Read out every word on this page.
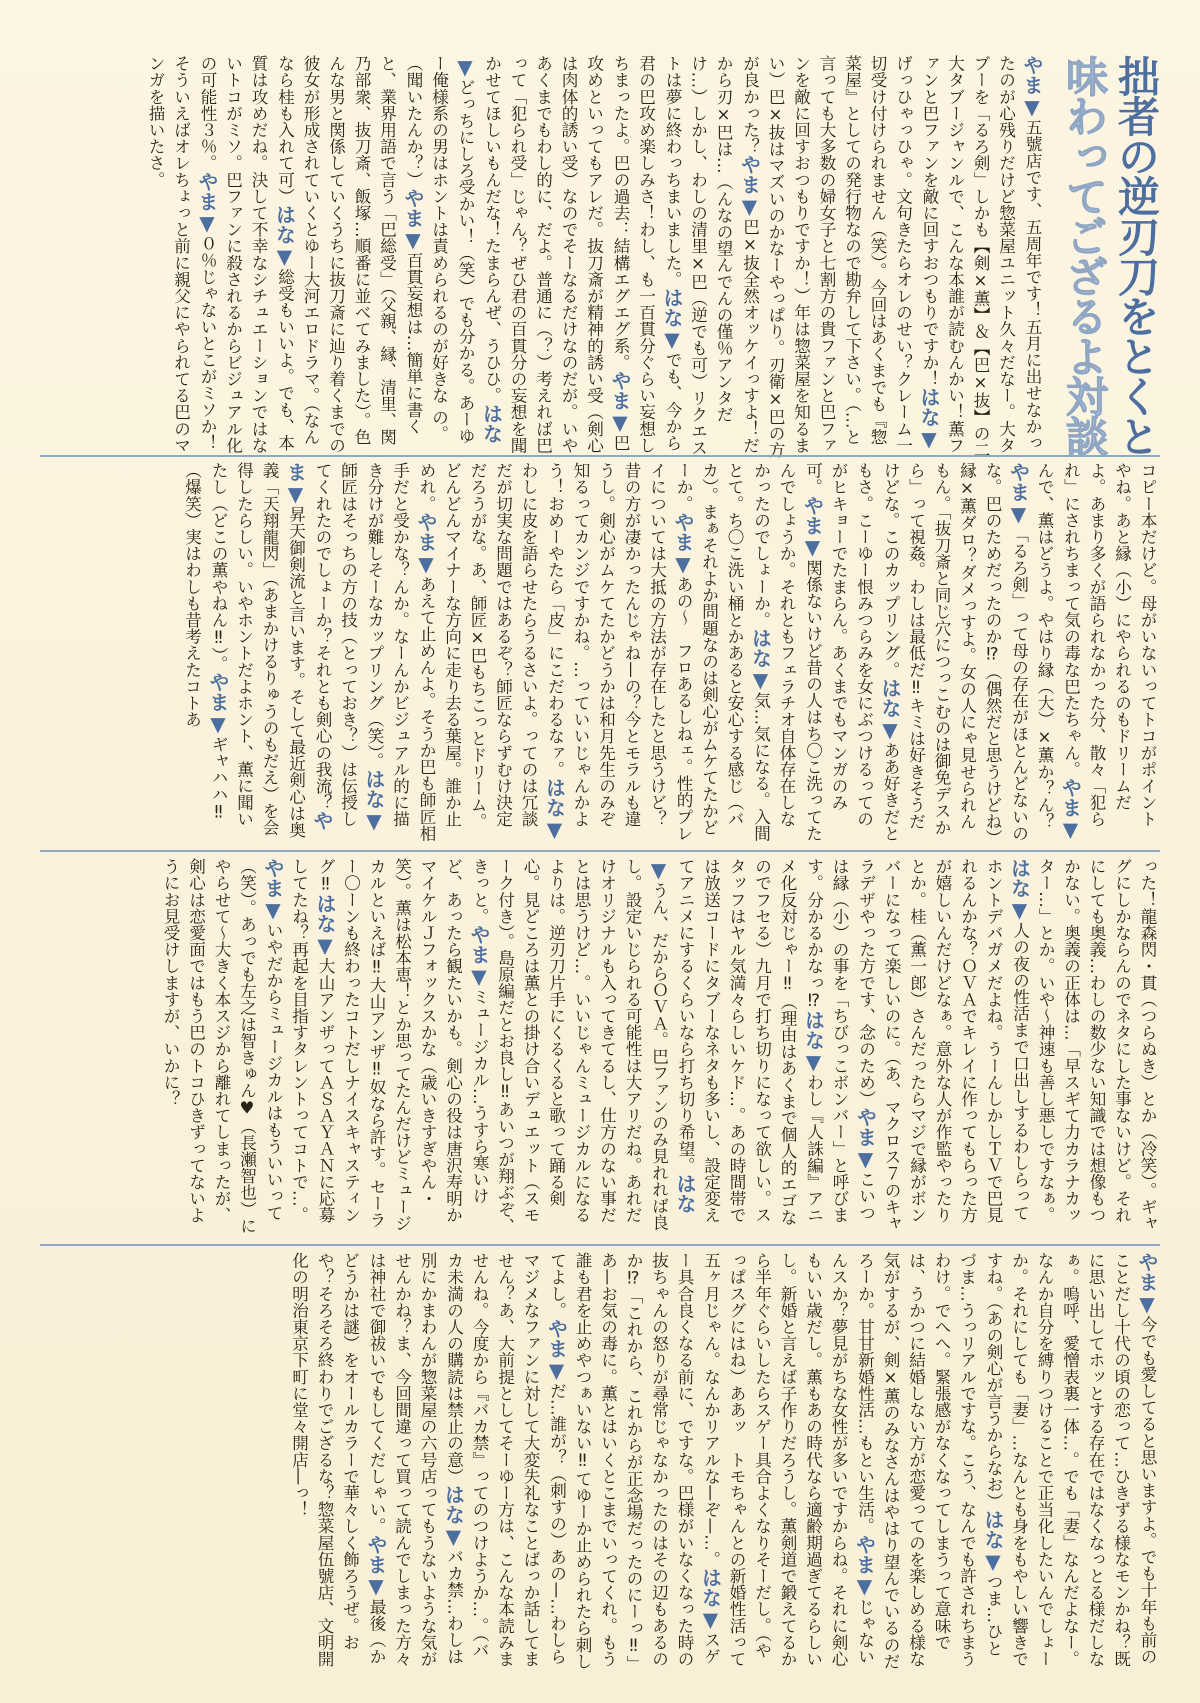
拙者の逆刃刀をとくと
味わってござるよ対談
やま▼五號店です、五周年です！五月に出せなかったのが心残りだけど惣菜屋ユニット久々だなー。大タブーを「るろ剣」しかも【剣×薫】＆【巴×抜】の二大タブージャンルで、こんな本誰が読むんかい！薫ファンと巴ファンを敵に回すおつもりですか！はな▼げっひゃっひゃ。文句きたらオレのせい？クレーム一切受け付けられません（笑）。今回はあくまでも『惣菜屋』としての発行物なので勘弁して下さい。（…と言っても大多数の婦女子と七割方の貴ファンと巴ファンを敵に回すおつもりですか！）年は惣菜屋を知るまい）巴×抜はマズいのかなーやっぱり。刃衛×巴の方が良かった？やま▼巴×抜全然オッケイっすよ！だから刃×巴は…（んなの望んでんの僅％アンタだけ…）しかし、わしの清里×巴（逆でも可）リクエストは夢に終わっちまいました。はな▼でも、今から君の巴攻め楽しみさ！わし、も一百貫分ぐらい妄想しちまったよ。巴の過去：結構エグエグ系。やま▼巴攻めといってもアレだ。抜刀斎が精神的誘い受（剣心は肉体的誘い受）なのでそーなるだけなのだが。いやあくまでもわし的に、だよ。普通に（？）考えれば巴って「犯られ受」じゃん？ぜひ君の百貫分の妄想を聞かせてほしいもんだな！たまらんぜ、うひひ。はな▼どっちにしろ受かい！（笑）でも分かる。あーゆー俺様系の男はホントは責められるのが好きな の。（聞いたんか？）やま▼百貫妄想は…簡単に書くと、業界用語で言う「巴総受」（父親、縁、清里、関乃部衆、抜刀斎、飯塚…順番に並べてみました）。色んな男と関係していくうちに抜刀斎に辿り着くまでの彼女が形成されていくとゆー大河エロドラマ。（なんなら桂も入れて可）はな▼総受もいいよ。でも、本質は攻めだね。決して不幸なシチュエーションではないトコがミソ。巴ファンに殺されるからビジュアル化の可能性３％。やま▼０％じゃないとこがミソか！そういえばオレちょっと前に親父にやられてる巴のマンガを描いたさ。
コピー本だけど。母がいないってトコがポイントやね。あと縁（小）にやられるのもドリームだよ。あまり多くが語られなかった分、散々「犯られ」にされちまって気の毒な巴たちゃん。やま▼んで、薫はどうよ。やはり縁（大）×薫か？ん？やま▼「るろ剣」って母の存在がほとんどないのな。巴のためだったのか⁉（偶然だと思うけどね）縁×薫ダロ？ダメっすよ。女の人にゃ見せられんもん。「抜刀斎と同じ穴につっこむのは御免デスから」って視姦。わしは最低だ‼キミは好きそうだけどな。このカップリング。はな▼ああ好きだともさ。こーゆー恨みつらみを女にぶつけるってのがヒキョーでたまらん。あくまでもマンガのみ可。やま▼関係ないけど昔の人はち〇こ洗ってたんでしょうか。それともフェラチオ自体存在しなかったのでしょーか。はな▼気…気になる。入間とて。ち〇こ洗い桶とかあると安心する感じ（バカ）。まぁそれよか問題なのは剣心がムケてたかどーか。やま▼あの〜　フロあるしねェ。性的プレイについては大抵の方法が存在したと思うけど？昔の方が凄かったんじゃね—の？今とモラルも違うし。剣心がムケてたかどうかは和月先生のみぞ知るってカンジですかね。…っていいじゃんかよう！おめーやたら「皮」にこだわるなァ。はな▼わしに皮を語らせたらうるさいよ。ってのは冗談だが切実な問題ではあるぞ？師匠ならずむけ決定だろうがな。あ、師匠×巴もちこっとドリーム。どんどんマイナーな方向に走り去る葉屋。誰か止めれ。やま▼あえて止めんよ。そうか巴も師匠相手だと受かな？んか。なーんかビジュアル的に描き分けが難しそーなカップリング（笑）。はな▼師匠はそっちの方の技（とっておき？）は伝授してくれたのでしょーか？それとも剣心の我流？やま▼昇天御剣流と言います。そして最近剣心は奥義「天翔龍閃」（あまかけるりゅうのもだえ）を会得したらしい。いやホントだよホント、薫に聞いたし（どこの薫やねん‼）。やま▼ギャハハ‼（爆笑）実はわしも昔考えたコトあ
った！龍森閃・貫（つらぬき）とか（冷笑）。ギャグにしかならんのでネタにした事ないけど。それにしても奥義…わしの数少ない知識では想像もつかない。奥義の正体は…「早スギて力カラナカッター…」とか。いや〜神速も善し悪しですなぁ。はな▼人の夜の性活まで口出しするわしらってホントデバガメだよね。うーんしかしＴＶで巴見れるんかな？ＯＶＡでキレイに作ってもらった方が嬉しいんだけどなぁ。意外な人が作監やったりとか。桂（薫一郎）さんだったらマジで縁がボンバーになって楽しいのに。（あ、マクロス７のキャラデザやった方です、念のため）やま▼こいつは縁（小）の事を「ちびっこボンバー」と呼びます。分かるかなっ⁉はな▼わし『人誅編』アニメ化反対じゃー‼（理由はあくまで個人的エゴなのでフセる）九月で打ち切りになって欲しい。スタッフはヤル気満々らしいケド…。あの時間帯では放送コードにタブーなネタも多いし、設定変えてアニメにするくらいなら打ち切り希望。はな▼うん、だからＯＶＡ。巴ファンのみ見れれば良し。設定いじられる可能性は大アリだね。あれだけオリジナルも入ってきてるし、仕方のない事だとは思うけど…。いいじゃんミュージカルになるよりは。逆刃刀片手にくるくると歌って踊る剣心。見どころは薫との掛け合いデュエット（スモーク付き）。島原編だとお良し‼あいつが翔ぶぞ、きっと。やま▼ミュージカル…うすら寒いけど、あったら観たいかも。剣心の役は唐沢寿明かマイケルＪフォックスかな（歳いきすぎやん・笑）。薫は松本恵！とか思ってたんだけどミュージカルといえば‼大山アンザ‼奴なら許す。セーラー〇ーンも終わったコトだしナイスキャスティング‼はな▼大山アンザってＡＳＡＹＡＮに応募してたね？再起を目指すタレントってコトで…。やま▼いやだからミュージカルはもういいって（笑）。あっでも左之は智きゅん♥（長瀬智也）にやらせて〜大きく本スジから離れてしまったが、剣心は恋愛面ではもう巴のトコひきずってないようにお見受けしますが、いかに？
やま▼今でも愛してると思いますよ。でも十年も前のことだし十代の頃の恋って…ひきずる様なモンかね？既に思い出してホッとする存在ではなくなっとる様だしなぁ。嗚呼、愛憎表裏一体…。でも「妻」なんだよなー。なんか自分を縛りつけることで正当化したいんでしょーか。それにしても「妻」…なんとも身をもやしい響きですね。（あの剣心が言うからなお）はな▼つま…ひとづま…うっリアルですな。こう、なんでも許されちまうわけ。でへへ。緊張感がなくなってしまうって意味では、うかつに結婚しない方が恋愛ってのを楽しめる様な気がするが、剣×薫のみなさんはやはり望んでいるのだろーか。甘甘新婚性活…もとい生活。やま▼じゃないんスか？夢見がちな女性が多いですからね。それに剣心もいい歳だし。薫もあの時代なら適齢期過ぎてるらしいし。新婚と言えば子作りだろうし。薫剣道で鍛えてるから半年ぐらいしたらスゲー具合よくなりそーだし。（やっぱスグにはね）ああッ　トモちゃんとの新婚性活って五ヶ月じゃん。なんかリアルな—ぞ—…。はな▼スゲー具合良くなる前に、ですな。巴様がいなくなった時の抜ちゃんの怒りが尋常じゃなかったのはその辺もあるのか⁉「これから、これからが正念場だったのにーっ‼」あ—お気の毒に。薫とはいくとこまでいってくれ。もう誰も君を止めやつぁいない‼てゆーか止められたら刺してよし。やま▼だ…誰が？（刺すの）あの—…わしらマジメなファンに対して大変失礼なことばっか話してません？あ、大前提としてそーゆー方は、こんな本読みませんね。今度から『バカ禁』ってのつけようか…。（バカ未満の人の購読は禁止の意）はな▼バカ禁…わしは別にかまわんが惣菜屋の六号店ってもうないような気がせんかね？ま、今回間違って買って読んでしまった方々は神社で御祓いでもしてくだしゃい。やま▼最後（かどうかは謎）をオールカラーで華々しく飾ろうぜ。おや？そろそろ終わりでござるな？惣菜屋伍號店、文明開化の明治東京下町に堂々開店―っ！
